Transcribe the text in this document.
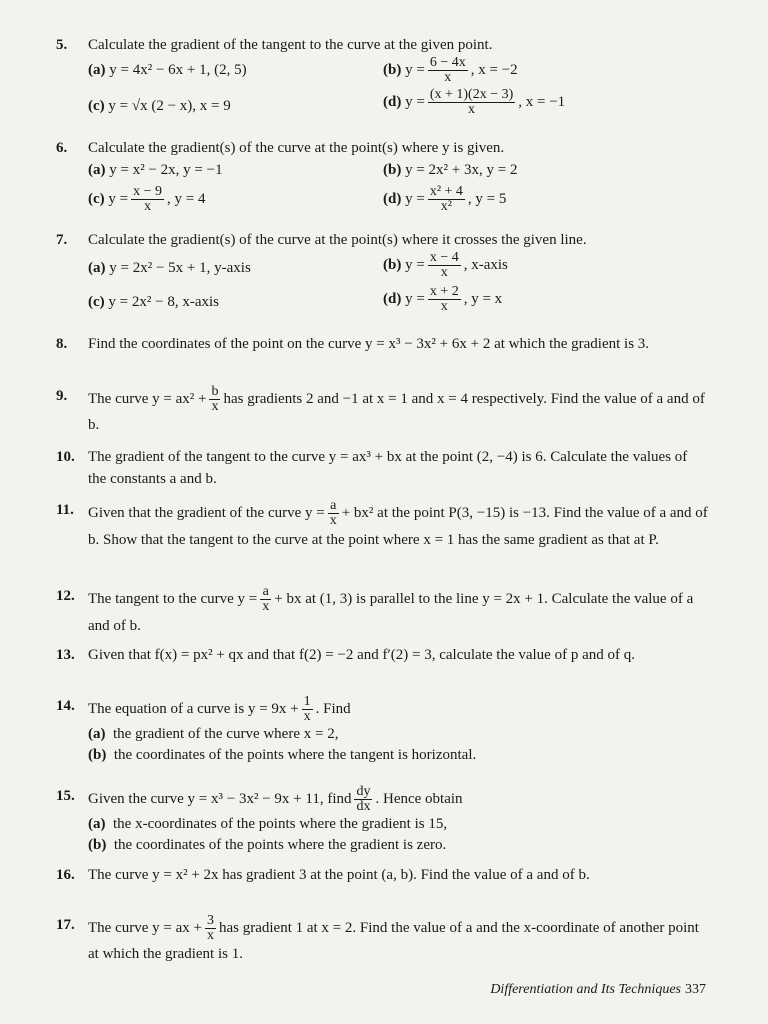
5.	Calculate the gradient of the tangent to the curve at the given point.
(a) y = 4x² − 6x + 1, (2, 5)	(b) $y = \frac{6 - 4x}{x}$ , x = −2
(c) y = √x (2 − x), x = 9	(d) $y = \frac{(x + 1)(2x - 3)}{x}$ , x = −1
6.	Calculate the gradient(s) of the curve at the point(s) where y is given.
(a) y = x² − 2x, y = −1	(b) y = 2x² + 3x, y = 2
(c) $y = \frac{x - 9}{x}$ , y = 4	(d) $y = \frac{\text{x² + 4}}{\text{x²}}$ , y = 5
7.	Calculate the gradient(s) of the curve at the point(s) where it crosses the given line.
(a) y = 2x² − 5x + 1, y-axis	(b) $y = \frac{x - 4}{x}$ , x-axis
(c) y = 2x² − 8, x-axis	(d) $y = \frac{x + 2}{x}$ , y = x
8.	Find the coordinates of the point on the curve y = x³ − 3x² + 6x + 2 at which the gradient is 3.
9.	The curve $y = ax^2 + \frac{b}{x}$ has gradients 2 and −1 at x = 1 and x = 4 respectively. Find the value of a and of b.
10. The gradient of the tangent to the curve y = ax³ + bx at the point (2, −4) is 6. Calculate the values of the constants a and b.
11. Given that the gradient of the curve $y = \frac{a}{x} + bx^2$ at the point P(3, −15) is −13. Find the value of a and of b. Show that the tangent to the curve at the point where x = 1 has the same gradient as that at P.
12. The tangent to the curve $y = \frac{a}{x}$ + bx at (1, 3) is parallel to the line y = 2x + 1. Calculate the value of a and of b.
13. Given that f(x) = px² + qx and that f(2) = −2 and f′(2) = 3, calculate the value of p and of q.
14. The equation of a curve is $y = 9x + \frac{1}{x}$ . Find
(a) the gradient of the curve where x = 2,
(b) the coordinates of the points where the tangent is horizontal.
15. Given the curve y = x³ − 3x² − 9x + 11, find $\frac{dy}{dx}$ . Hence obtain
(a) the x-coordinates of the points where the gradient is 15,
(b) the coordinates of the points where the gradient is zero.
16. The curve y = x² + 2x has gradient 3 at the point (a, b). Find the value of a and of b.
17. The curve y = ax + $\frac{3}{x}$ has gradient 1 at x = 2. Find the value of a and the x-coordinate of another point at which the gradient is 1.
Differentiation and Its Techniques 337
